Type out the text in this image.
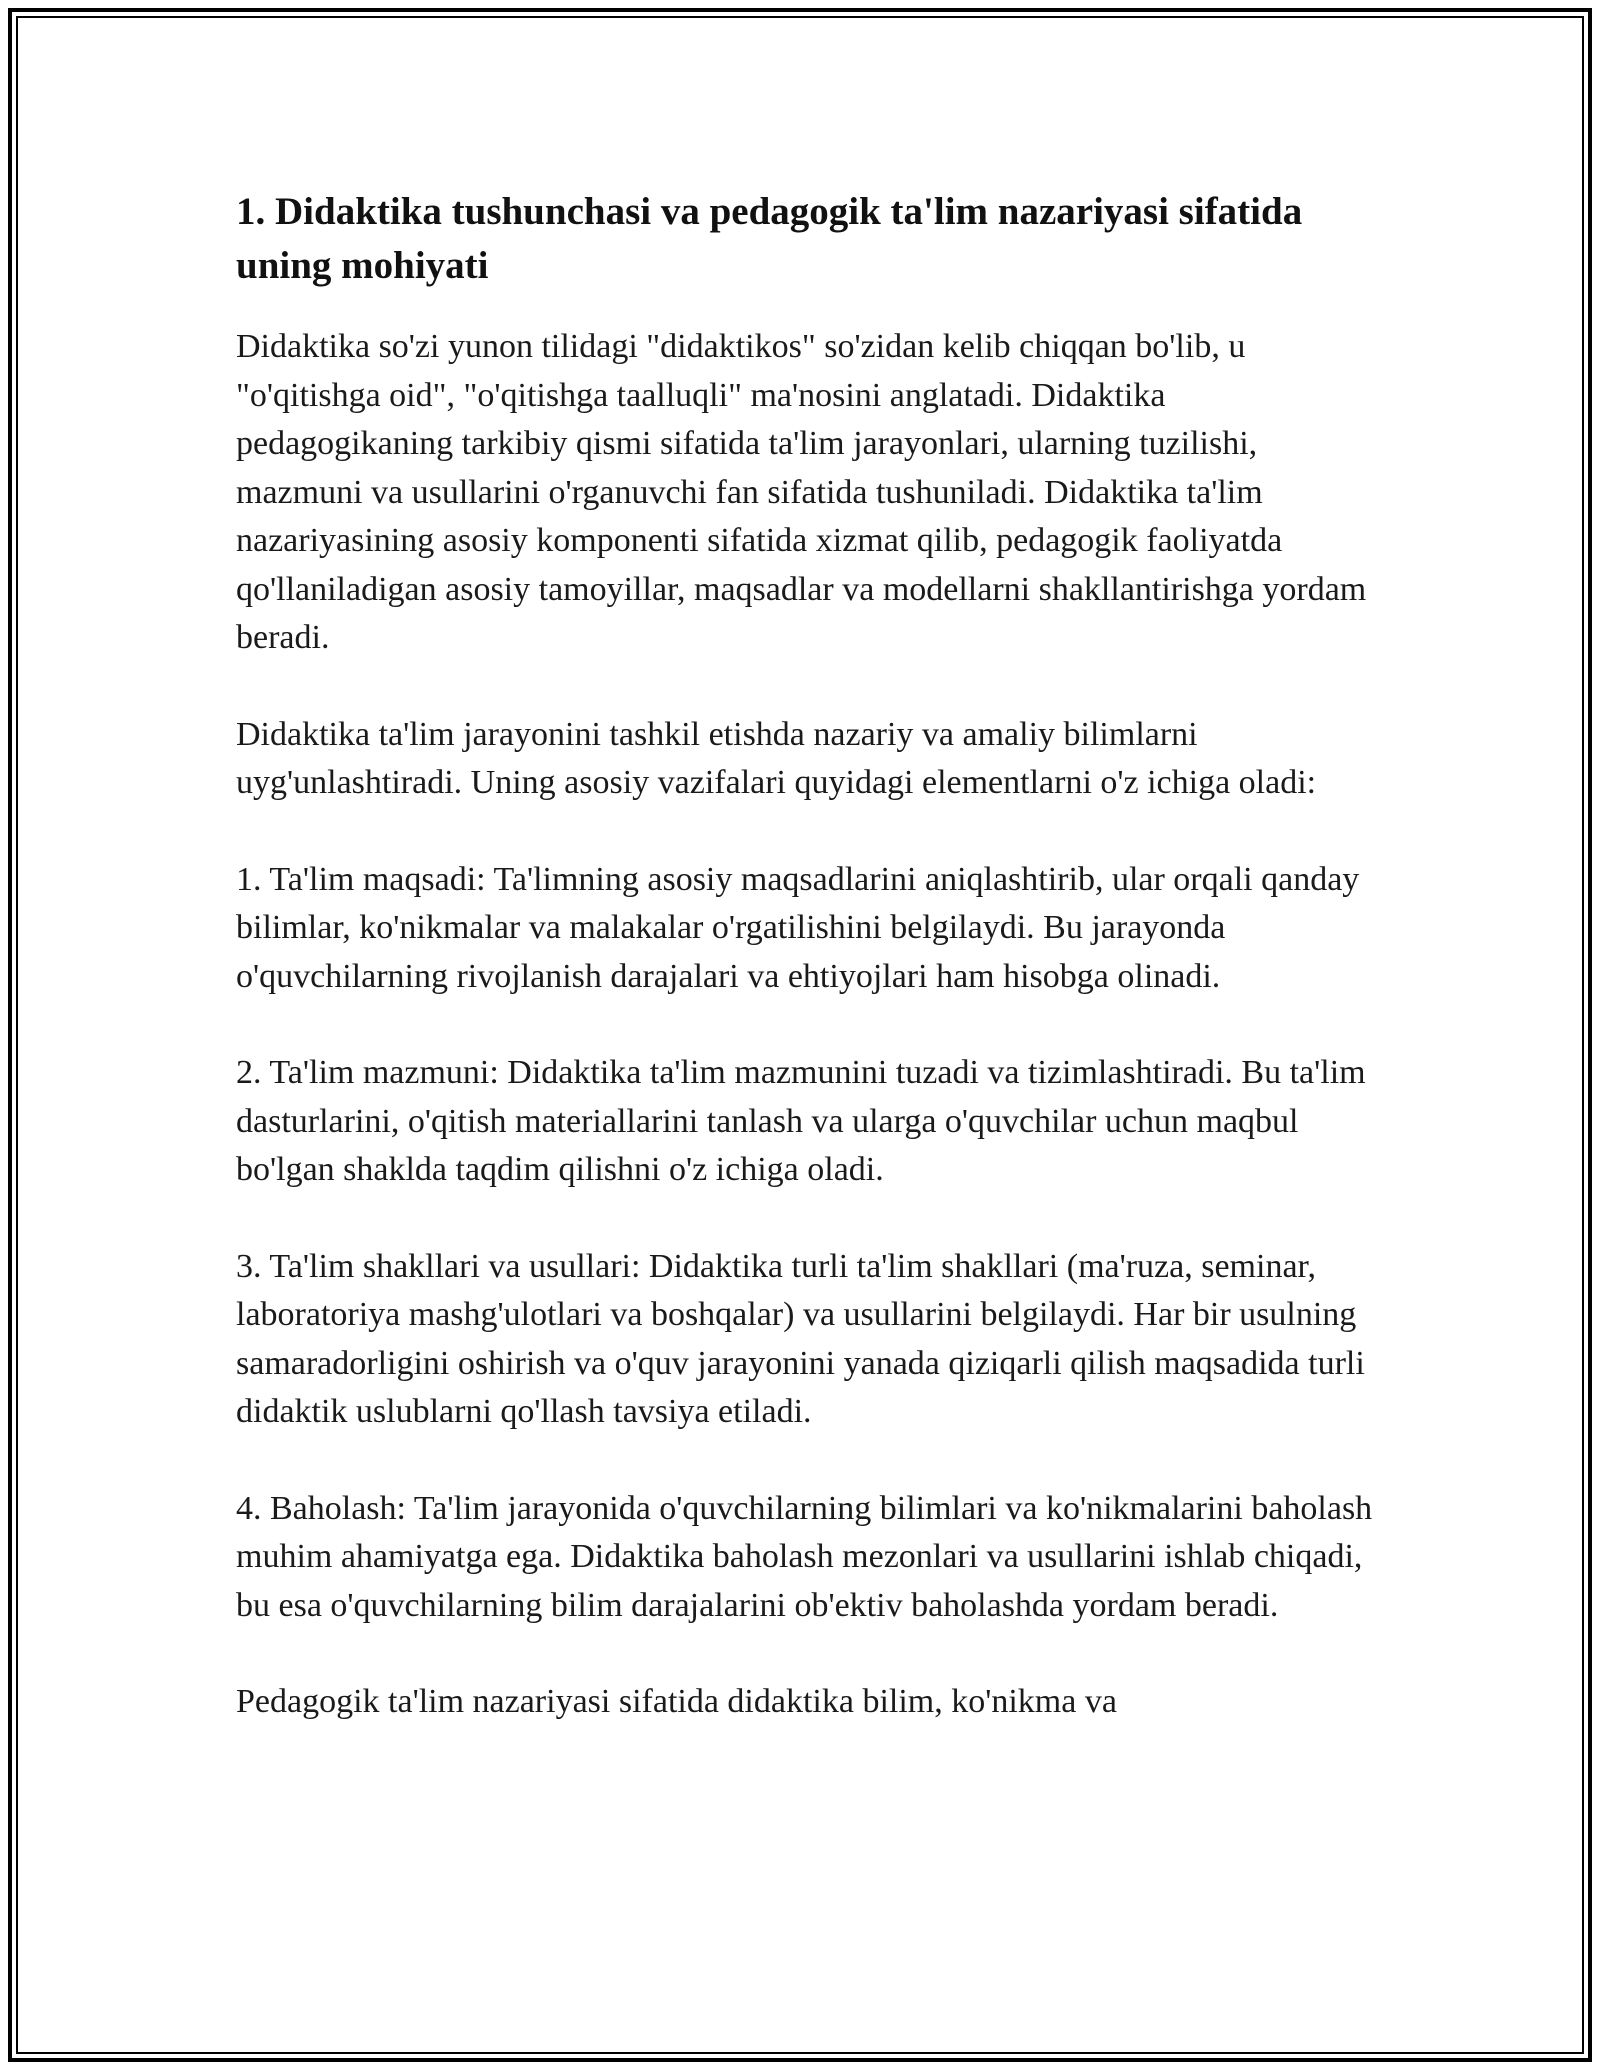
1. Didaktika tushunchasi va pedagogik ta'lim nazariyasi sifatida uning mohiyati

Didaktika so'zi yunon tilidagi "didaktikos" so'zidan kelib chiqqan bo'lib, u "o'qitishga oid", "o'qitishga taalluqli" ma'nosini anglatadi. Didaktika pedagogikaning tarkibiy qismi sifatida ta'lim jarayonlari, ularning tuzilishi, mazmuni va usullarini o'rganuvchi fan sifatida tushuniladi. Didaktika ta'lim nazariyasining asosiy komponenti sifatida xizmat qilib, pedagogik faoliyatda qo'llaniladigan asosiy tamoyillar, maqsadlar va modellarni shakllantirishga yordam beradi.

Didaktika ta'lim jarayonini tashkil etishda nazariy va amaliy bilimlarni uyg'unlashtiradi. Uning asosiy vazifalari quyidagi elementlarni o'z ichiga oladi:

1. Ta'lim maqsadi: Ta'limning asosiy maqsadlarini aniqlashtirib, ular orqali qanday bilimlar, ko'nikmalar va malakalar o'rgatilishini belgilaydi. Bu jarayonda o'quvchilarning rivojlanish darajalari va ehtiyojlari ham hisobga olinadi.

2. Ta'lim mazmuni: Didaktika ta'lim mazmunini tuzadi va tizimlashtiradi. Bu ta'lim dasturlarini, o'qitish materiallarini tanlash va ularga o'quvchilar uchun maqbul bo'lgan shaklda taqdim qilishni o'z ichiga oladi.

3. Ta'lim shakllari va usullari: Didaktika turli ta'lim shakllari (ma'ruza, seminar, laboratoriya mashg'ulotlari va boshqalar) va usullarini belgilaydi. Har bir usulning samaradorligini oshirish va o'quv jarayonini yanada qiziqarli qilish maqsadida turli didaktik uslublarni qo'llash tavsiya etiladi.

4. Baholash: Ta'lim jarayonida o'quvchilarning bilimlari va ko'nikmalarini baholash muhim ahamiyatga ega. Didaktika baholash mezonlari va usullarini ishlab chiqadi, bu esa o'quvchilarning bilim darajalarini ob'ektiv baholashda yordam beradi.

Pedagogik ta'lim nazariyasi sifatida didaktika bilim, ko'nikma va
